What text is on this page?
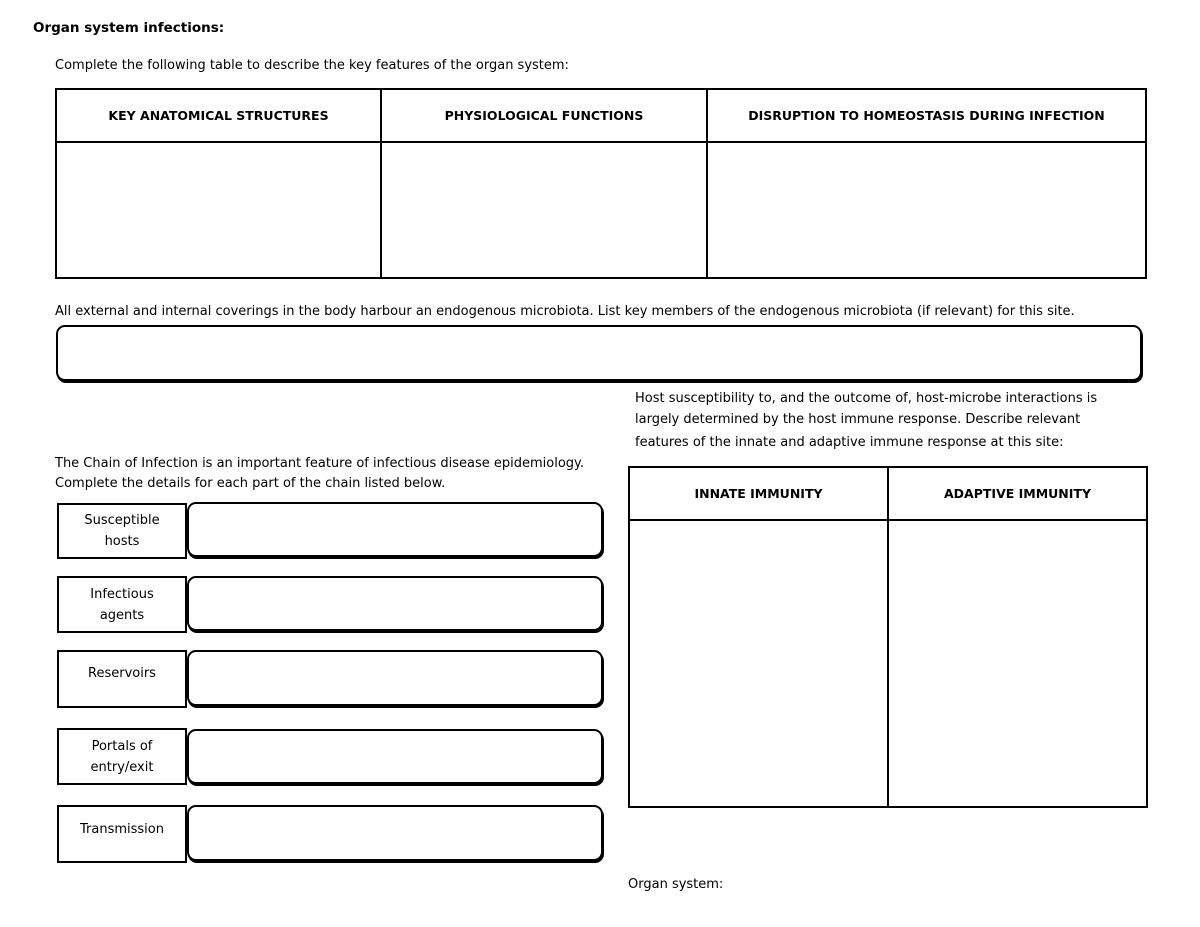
Organ system infections:
Complete the following table to describe the key features of the organ system:
KEY ANATOMICAL STRUCTURES	PHYSIOLOGICAL FUNCTIONS	DISRUPTION TO HOMEOSTASIS DURING INFECTION

All external and internal coverings in the body harbour an endogenous microbiota. List key members of the endogenous microbiota (if relevant) for this site.
Host susceptibility to, and the outcome of, host-microbe interactions is
largely determined by the host immune response. Describe relevant
features of the innate and adaptive immune response at this site:
INNATE IMMUNITY	ADAPTIVE IMMUNITY

The Chain of Infection is an important feature of infectious disease epidemiology.
Complete the details for each part of the chain listed below.
Susceptible
hosts
Infectious
agents
Reservoirs
Portals of
entry/exit
Transmission
Organ system:
